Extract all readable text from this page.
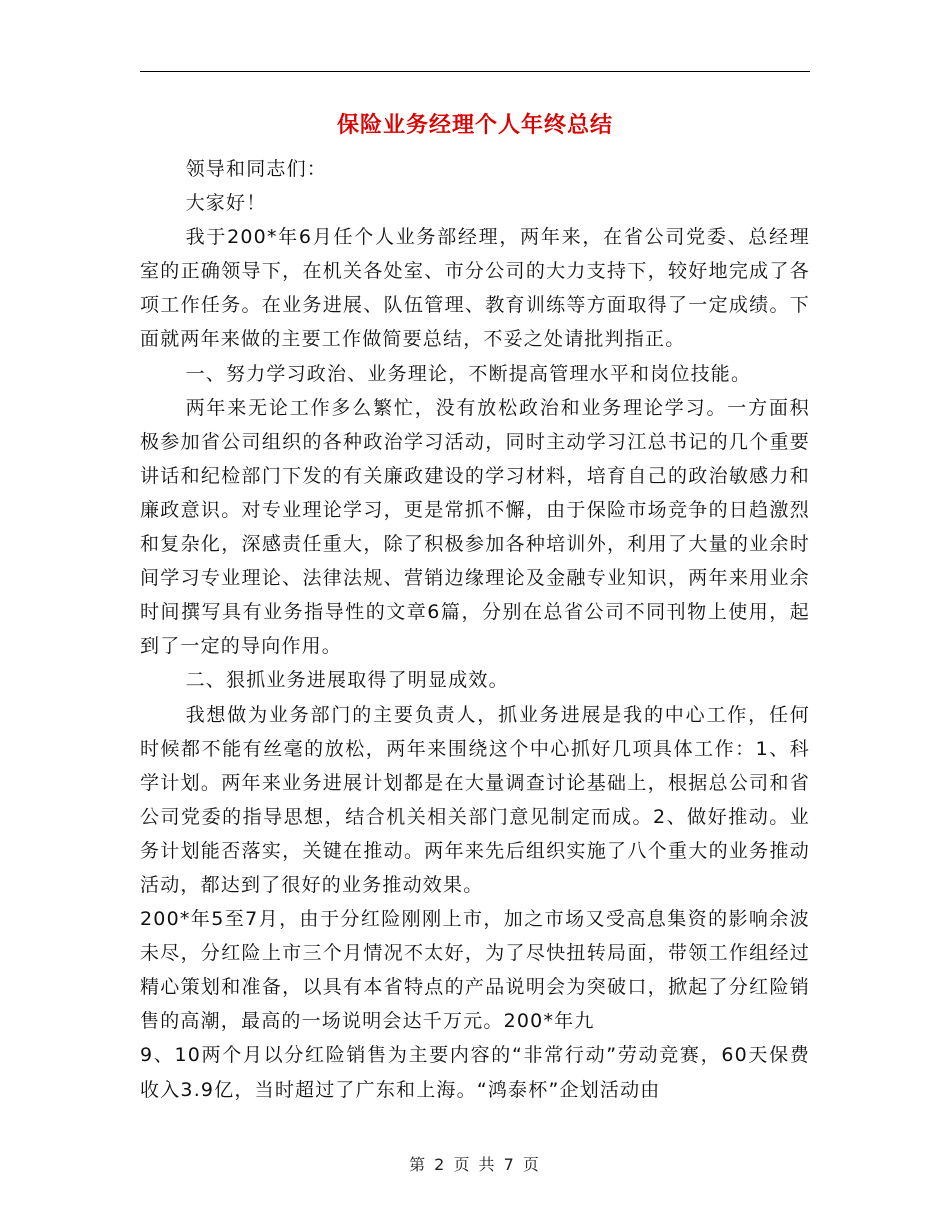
保险业务经理个人年终总结

领导和同志们：

大家好！

我于200*年6月任个人业务部经理，两年来，在省公司党委、总经理室的正确领导下，在机关各处室、市分公司的大力支持下，较好地完成了各项工作任务。在业务进展、队伍管理、教育训练等方面取得了一定成绩。下面就两年来做的主要工作做简要总结，不妥之处请批判指正。

一、努力学习政治、业务理论，不断提高管理水平和岗位技能。

两年来无论工作多么繁忙，没有放松政治和业务理论学习。一方面积极参加省公司组织的各种政治学习活动，同时主动学习江总书记的几个重要讲话和纪检部门下发的有关廉政建设的学习材料，培育自己的政治敏感力和廉政意识。对专业理论学习，更是常抓不懈，由于保险市场竞争的日趋激烈和复杂化，深感责任重大，除了积极参加各种培训外，利用了大量的业余时间学习专业理论、法律法规、营销边缘理论及金融专业知识，两年来用业余时间撰写具有业务指导性的文章6篇，分别在总省公司不同刊物上使用，起到了一定的导向作用。

二、狠抓业务进展取得了明显成效。

我想做为业务部门的主要负责人，抓业务进展是我的中心工作，任何时候都不能有丝毫的放松，两年来围绕这个中心抓好几项具体工作：1、科学计划。两年来业务进展计划都是在大量调查讨论基础上，根据总公司和省公司党委的指导思想，结合机关相关部门意见制定而成。2、做好推动。业务计划能否落实，关键在推动。两年来先后组织实施了八个重大的业务推动活动，都达到了很好的业务推动效果。

200*年5至7月，由于分红险刚刚上市，加之市场又受高息集资的影响余波未尽，分红险上市三个月情况不太好，为了尽快扭转局面，带领工作组经过精心策划和准备，以具有本省特点的产品说明会为突破口，掀起了分红险销售的高潮，最高的一场说明会达千万元。200*年九

9、10两个月以分红险销售为主要内容的“非常行动”劳动竞赛，60天保费收入3.9亿，当时超过了广东和上海。“鸿泰杯”企划活动由

第 2 页 共 7 页
